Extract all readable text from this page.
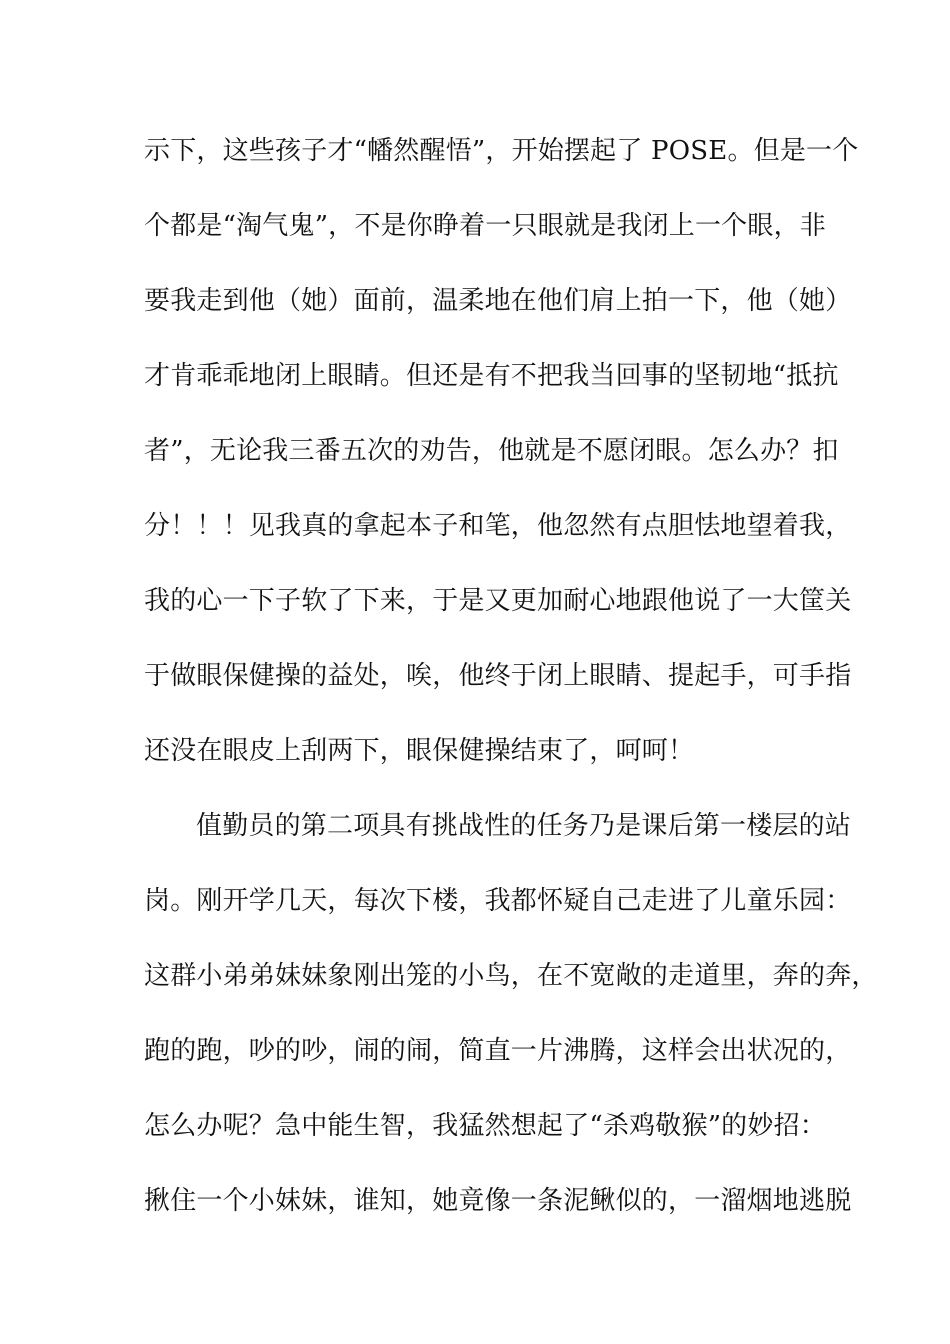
示下，这些孩子才“幡然醒悟”，开始摆起了 POSE。但是一个
个都是“淘气鬼”，不是你睁着一只眼就是我闭上一个眼，非
要我走到他（她）面前，温柔地在他们肩上拍一下，他（她）
才肯乖乖地闭上眼睛。但还是有不把我当回事的坚韧地“抵抗
者”，无论我三番五次的劝告，他就是不愿闭眼。怎么办？扣
分！！！见我真的拿起本子和笔，他忽然有点胆怯地望着我，
我的心一下子软了下来，于是又更加耐心地跟他说了一大筐关
于做眼保健操的益处，唉，他终于闭上眼睛、提起手，可手指
还没在眼皮上刮两下，眼保健操结束了，呵呵！
值勤员的第二项具有挑战性的任务乃是课后第一楼层的站
岗。刚开学几天，每次下楼，我都怀疑自己走进了儿童乐园：
这群小弟弟妹妹象刚出笼的小鸟，在不宽敞的走道里，奔的奔，
跑的跑，吵的吵，闹的闹，简直一片沸腾，这样会出状况的，
怎么办呢？急中能生智，我猛然想起了“杀鸡敬猴”的妙招：
揪住一个小妹妹，谁知，她竟像一条泥鳅似的，一溜烟地逃脱
